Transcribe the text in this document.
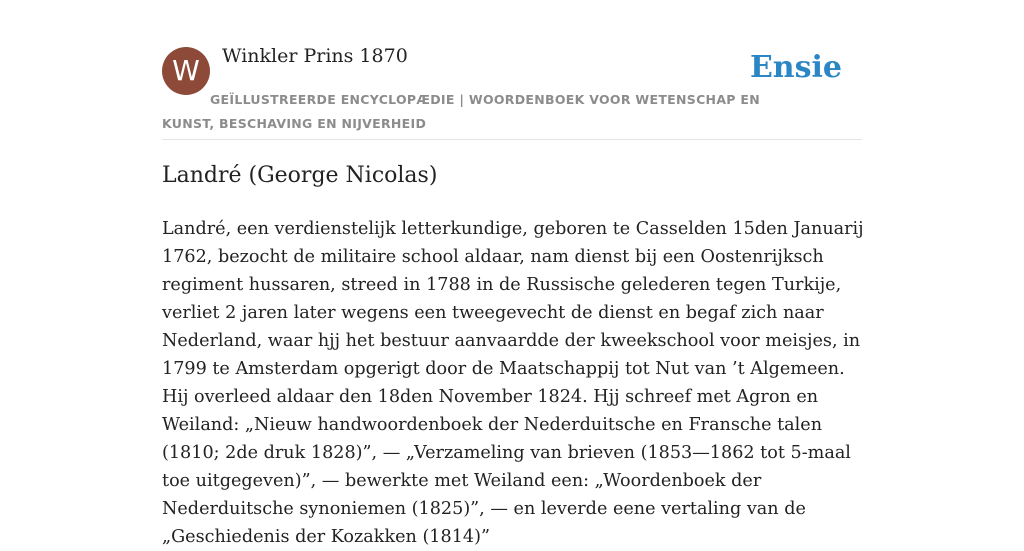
W	Winkler Prins 1870	Ensie
GEÏLLUSTREERDE ENCYCLOPÆDIE | WOORDENBOEK VOOR WETENSCHAP EN KUNST, BESCHAVING EN NIJVERHEID
Landré (George Nicolas)

Landré, een verdienstelijk letterkundige, geboren te Casselden 15den Januarij 1762, bezocht de militaire school aldaar, nam dienst bij een Oostenrijksch regiment hussaren, streed in 1788 in de Russische gelederen tegen Turkije, verliet 2 jaren later wegens een tweegevecht de dienst en begaf zich naar Nederland, waar hjj het bestuur aanvaardde der kweekschool voor meisjes, in 1799 te Amsterdam opgerigt door de Maatschappij tot Nut van ’t Algemeen. Hij overleed aldaar den 18den November 1824. Hjj schreef met Agron en Weiland: „Nieuw handwoordenboek der Nederduitsche en Fransche talen (1810; 2de druk 1828)”, — „Verzameling van brieven (1853—1862 tot 5-maal toe uitgegeven)”, — bewerkte met Weiland een: „Woordenboek der Nederduitsche synoniemen (1825)”, — en leverde eene vertaling van de „Geschiedenis der Kozakken (1814)”
